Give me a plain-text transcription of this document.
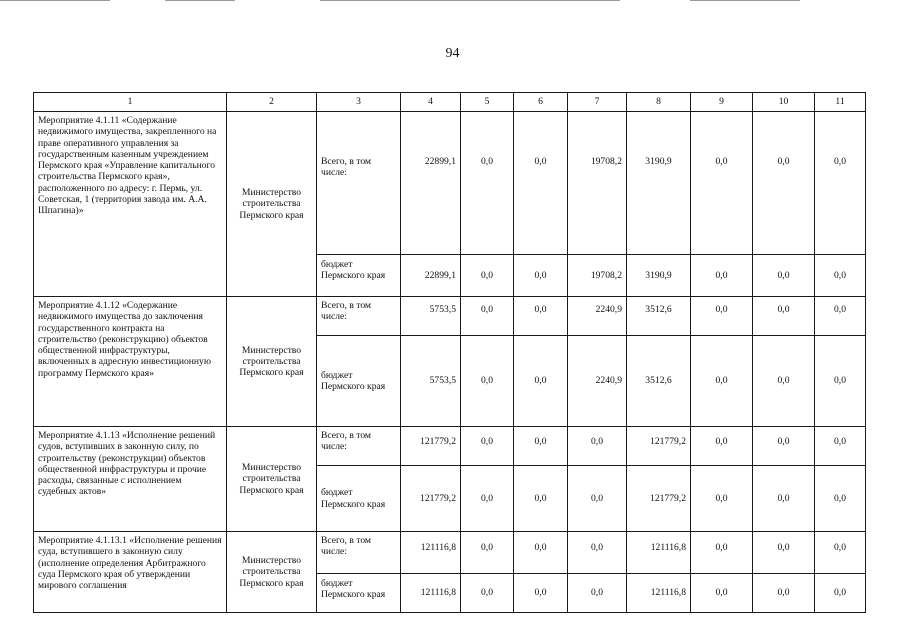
94
1	2	3	4	5	6	7	8	9	10	11
Мероприятие 4.1.11 «Содержание недвижимого имущества, закрепленного на праве оперативного управления за государственным казенным учреждением Пермского края «Управление капитального строительства Пермского края», расположенного по адресу: г. Пермь, ул. Советская, 1 (территория завода им. А.А. Шпагина)»	Министерство строительства Пермского края	Всего, в том числе:	22899,1	0,0	0,0	19708,2	3190,9	0,0	0,0	0,0
		бюджет Пермского края	22899,1	0,0	0,0	19708,2	3190,9	0,0	0,0	0,0
Мероприятие 4.1.12 «Содержание недвижимого имущества до заключения государственного контракта на строительство (реконструкцию) объектов общественной инфраструктуры, включенных в адресную инвестиционную программу Пермского края»	Министерство строительства Пермского края	Всего, в том числе:	5753,5	0,0	0,0	2240,9	3512,6	0,0	0,0	0,0
		бюджет Пермского края	5753,5	0,0	0,0	2240,9	3512,6	0,0	0,0	0,0
Мероприятие 4.1.13 «Исполнение решений судов, вступивших в законную силу, по строительству (реконструкции) объектов общественной инфраструктуры и прочие расходы, связанные с исполнением судебных актов»	Министерство строительства Пермского края	Всего, в том числе:	121779,2	0,0	0,0	0,0	121779,2	0,0	0,0	0,0
		бюджет Пермского края	121779,2	0,0	0,0	0,0	121779,2	0,0	0,0	0,0
Мероприятие 4.1.13.1 «Исполнение решения суда, вступившего в законную силу (исполнение определения Арбитражного суда Пермского края об утверждении мирового соглашения	Министерство строительства Пермского края	Всего, в том числе:	121116,8	0,0	0,0	0,0	121116,8	0,0	0,0	0,0
		бюджет Пермского края	121116,8	0,0	0,0	0,0	121116,8	0,0	0,0	0,0
